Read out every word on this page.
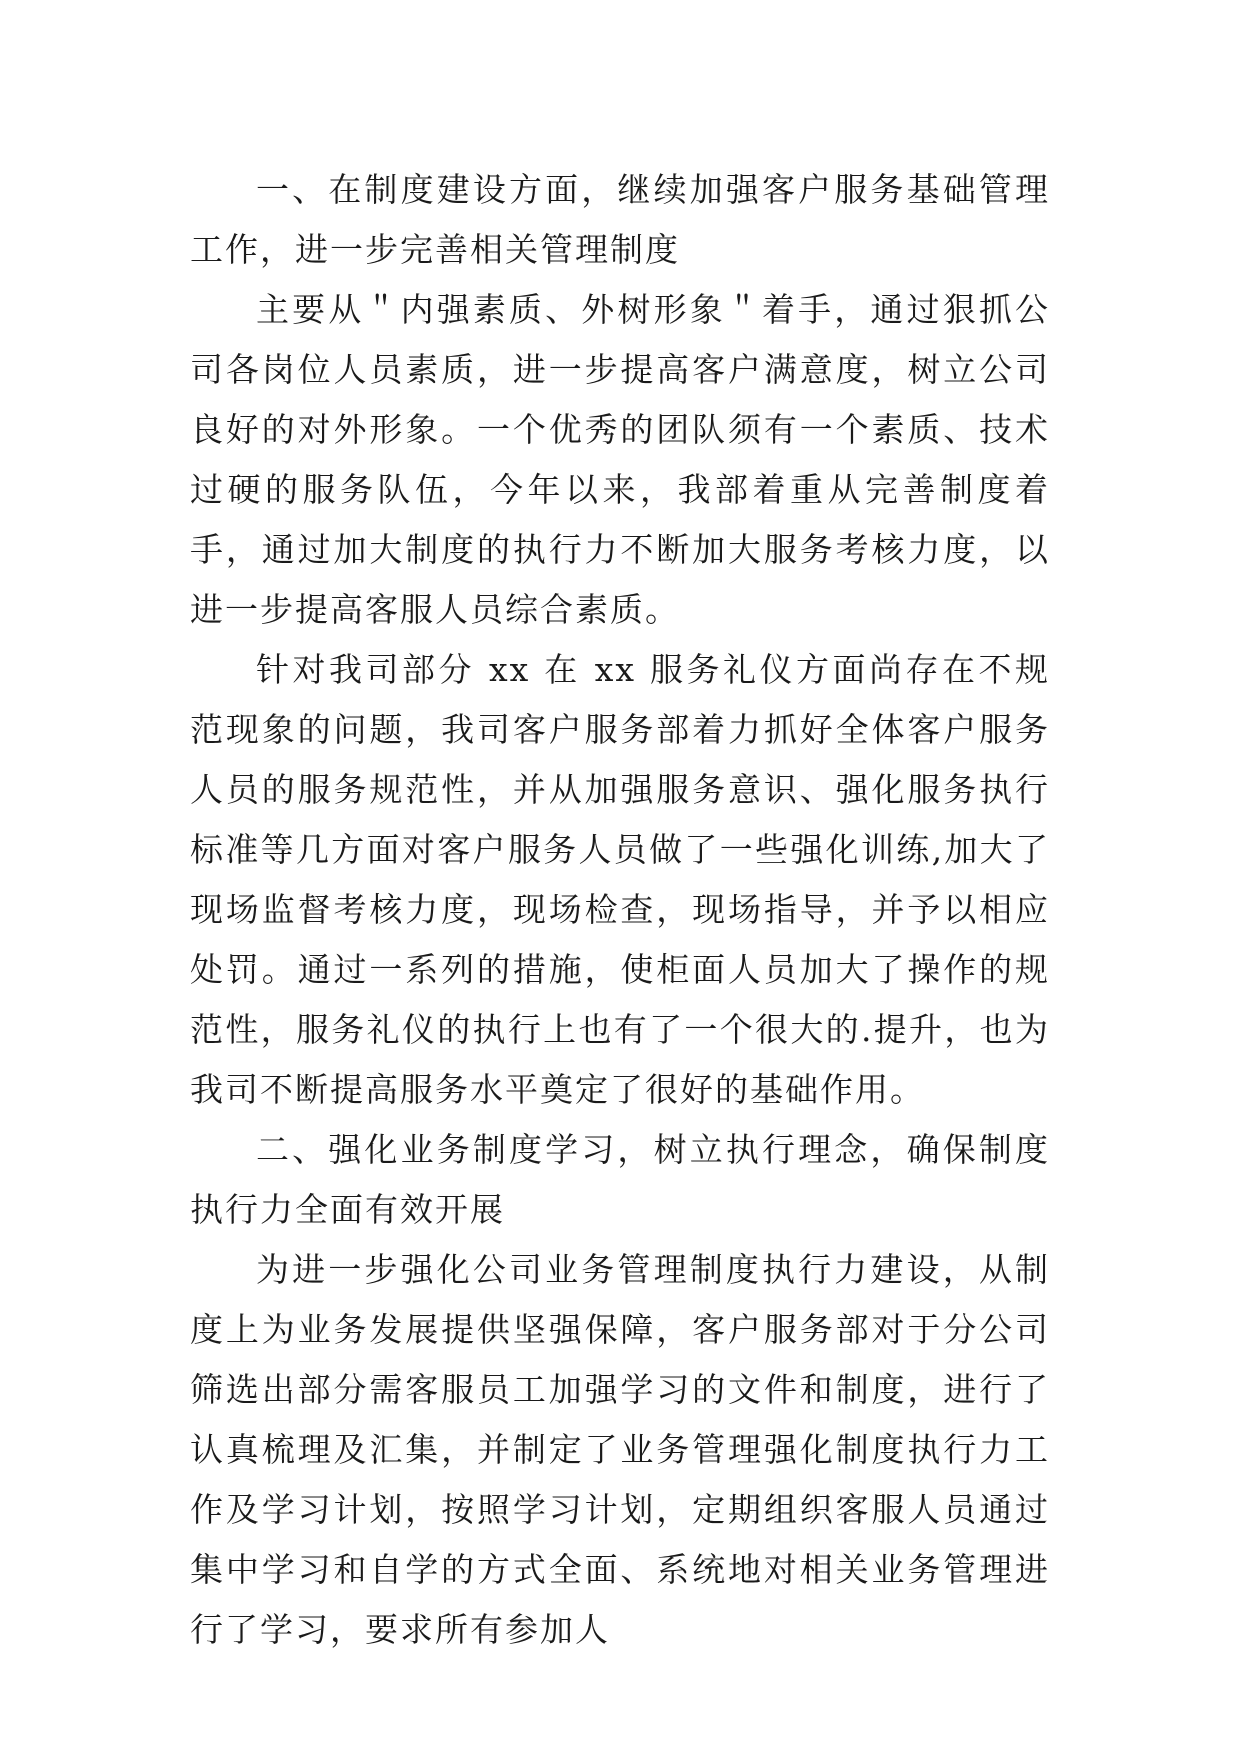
一、在制度建设方面，继续加强客户服务基础管理工作，进一步完善相关管理制度

主要从＂内强素质、外树形象＂着手，通过狠抓公司各岗位人员素质，进一步提高客户满意度，树立公司良好的对外形象。一个优秀的团队须有一个素质、技术过硬的服务队伍，今年以来，我部着重从完善制度着手，通过加大制度的执行力不断加大服务考核力度，以进一步提高客服人员综合素质。

针对我司部分 xx 在 xx 服务礼仪方面尚存在不规范现象的问题，我司客户服务部着力抓好全体客户服务人员的服务规范性，并从加强服务意识、强化服务执行标准等几方面对客户服务人员做了一些强化训练,加大了现场监督考核力度，现场检查，现场指导，并予以相应处罚。通过一系列的措施，使柜面人员加大了操作的规范性，服务礼仪的执行上也有了一个很大的.提升，也为我司不断提高服务水平奠定了很好的基础作用。

二、强化业务制度学习，树立执行理念，确保制度执行力全面有效开展

为进一步强化公司业务管理制度执行力建设，从制度上为业务发展提供坚强保障，客户服务部对于分公司筛选出部分需客服员工加强学习的文件和制度，进行了认真梳理及汇集，并制定了业务管理强化制度执行力工作及学习计划，按照学习计划，定期组织客服人员通过集中学习和自学的方式全面、系统地对相关业务管理进行了学习，要求所有参加人
